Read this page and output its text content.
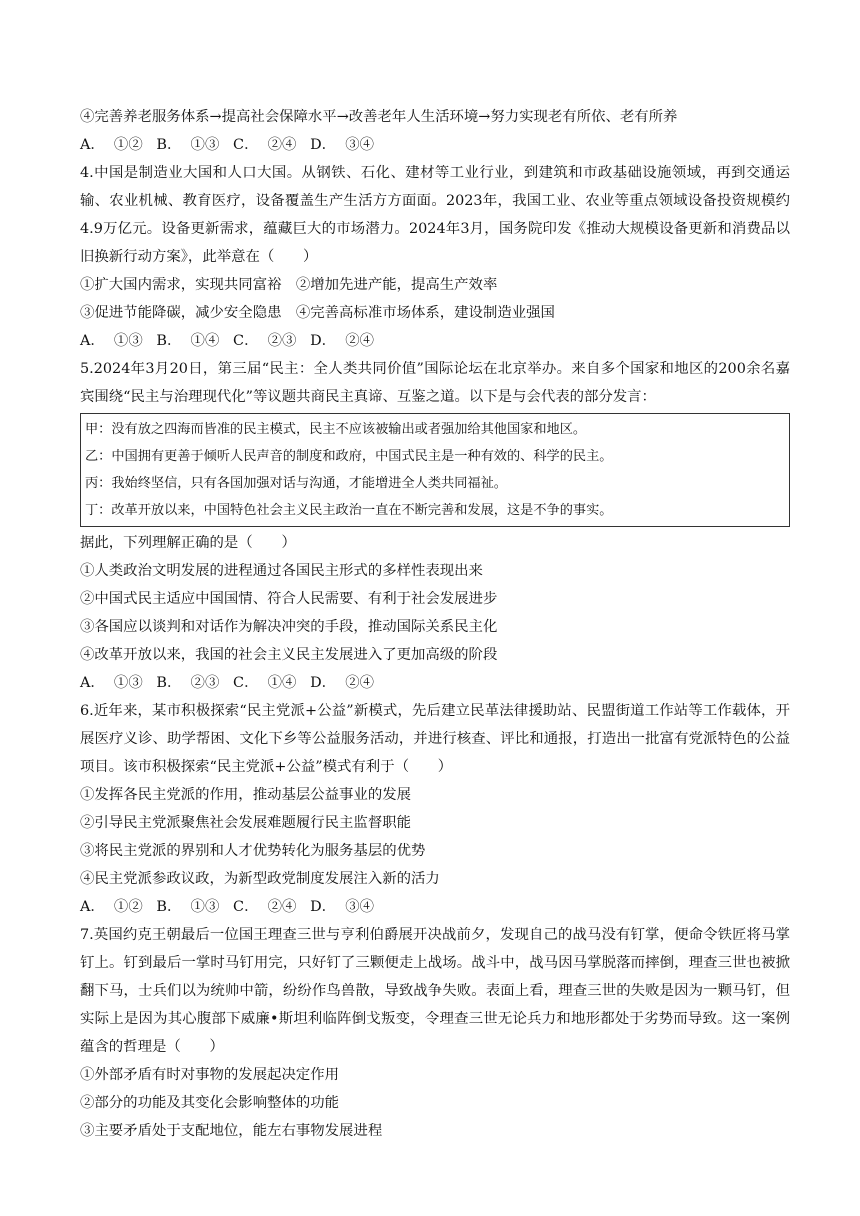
④完善养老服务体系→提高社会保障水平→改善老年人生活环境→努力实现老有所依、老有所养
A．  ①②   B．  ①③   C．  ②④   D．  ③④
4.中国是制造业大国和人口大国。从钢铁、石化、建材等工业行业，到建筑和市政基础设施领域，再到交通运输、农业机械、教育医疗，设备覆盖生产生活方方面面。2023年，我国工业、农业等重点领域设备投资规模约4.9万亿元。设备更新需求，蕴藏巨大的市场潜力。2024年3月，国务院印发《推动大规模设备更新和消费品以旧换新行动方案》，此举意在（　　）
①扩大国内需求，实现共同富裕　②增加先进产能，提高生产效率
③促进节能降碳，减少安全隐患　④完善高标准市场体系，建设制造业强国
A．  ①③   B．  ①④   C．  ②③   D．  ②④
5.2024年3月20日，第三届“民主：全人类共同价值”国际论坛在北京举办。来自多个国家和地区的200余名嘉宾围绕“民主与治理现代化”等议题共商民主真谛、互鉴之道。以下是与会代表的部分发言：
甲：没有放之四海而皆准的民主模式，民主不应该被输出或者强加给其他国家和地区。
乙：中国拥有更善于倾听人民声音的制度和政府，中国式民主是一种有效的、科学的民主。
丙：我始终坚信，只有各国加强对话与沟通，才能增进全人类共同福祉。
丁：改革开放以来，中国特色社会主义民主政治一直在不断完善和发展，这是不争的事实。
据此，下列理解正确的是（　　）
①人类政治文明发展的进程通过各国民主形式的多样性表现出来
②中国式民主适应中国国情、符合人民需要、有利于社会发展进步
③各国应以谈判和对话作为解决冲突的手段，推动国际关系民主化
④改革开放以来，我国的社会主义民主发展进入了更加高级的阶段
A．  ①③   B．  ②③   C．  ①④   D．  ②④
6.近年来，某市积极探索“民主党派+公益”新模式，先后建立民革法律援助站、民盟街道工作站等工作载体，开展医疗义诊、助学帮困、文化下乡等公益服务活动，并进行核查、评比和通报，打造出一批富有党派特色的公益项目。该市积极探索“民主党派+公益”模式有利于（　　）
①发挥各民主党派的作用，推动基层公益事业的发展
②引导民主党派聚焦社会发展难题履行民主监督职能
③将民主党派的界别和人才优势转化为服务基层的优势
④民主党派参政议政，为新型政党制度发展注入新的活力
A．  ①②   B．  ①③   C．  ②④   D．  ③④
7.英国约克王朝最后一位国王理查三世与亨利伯爵展开决战前夕，发现自己的战马没有钉掌，便命令铁匠将马掌钉上。钉到最后一掌时马钉用完，只好钉了三颗便走上战场。战斗中，战马因马掌脱落而摔倒，理查三世也被掀翻下马，士兵们以为统帅中箭，纷纷作鸟兽散，导致战争失败。表面上看，理查三世的失败是因为一颗马钉，但实际上是因为其心腹部下威廉•斯坦利临阵倒戈叛变，令理查三世无论兵力和地形都处于劣势而导致。这一案例蕴含的哲理是（　　）
①外部矛盾有时对事物的发展起决定作用
②部分的功能及其变化会影响整体的功能
③主要矛盾处于支配地位，能左右事物发展进程
